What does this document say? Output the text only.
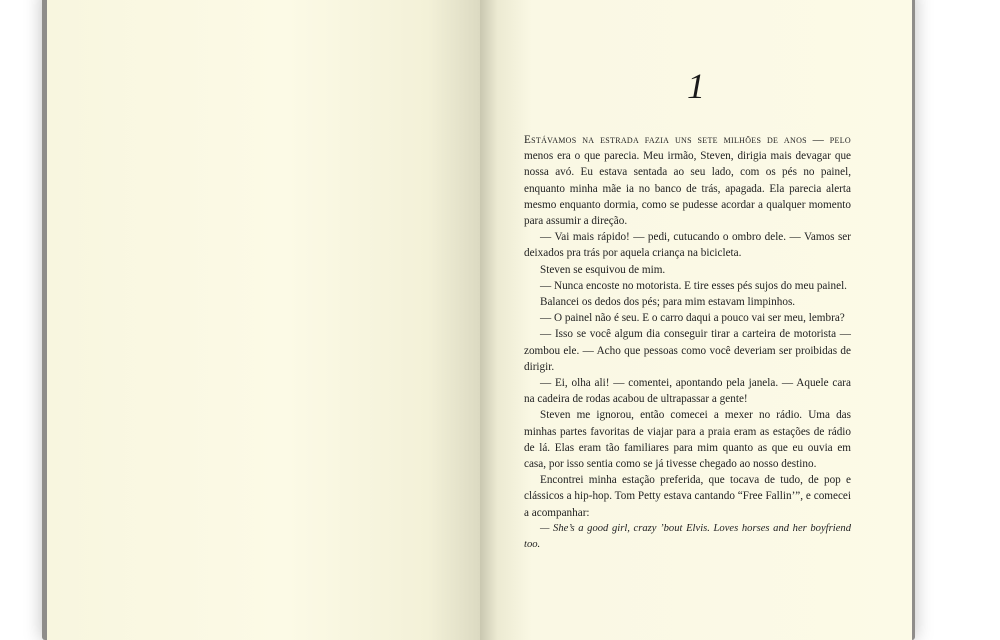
1

Estávamos na estrada fazia uns sete milhões de anos — pelo menos era o que parecia. Meu irmão, Steven, dirigia mais devagar que nossa avó. Eu estava sentada ao seu lado, com os pés no painel, enquanto minha mãe ia no banco de trás, apagada. Ela parecia alerta mesmo enquanto dormia, como se pudesse acordar a qualquer momento para assumir a direção.

— Vai mais rápido! — pedi, cutucando o ombro dele. — Vamos ser deixados pra trás por aquela criança na bicicleta.

Steven se esquivou de mim.

— Nunca encoste no motorista. E tire esses pés sujos do meu painel.

Balancei os dedos dos pés; para mim estavam limpinhos.

— O painel não é seu. E o carro daqui a pouco vai ser meu, lembra?

— Isso se você algum dia conseguir tirar a carteira de motorista — zombou ele. — Acho que pessoas como você deveriam ser proibidas de dirigir.

— Ei, olha ali! — comentei, apontando pela janela. — Aquele cara na cadeira de rodas acabou de ultrapassar a gente!

Steven me ignorou, então comecei a mexer no rádio. Uma das minhas partes favoritas de viajar para a praia eram as estações de rádio de lá. Elas eram tão familiares para mim quanto as que eu ouvia em casa, por isso sentia como se já tivesse chegado ao nosso destino.

Encontrei minha estação preferida, que tocava de tudo, de pop e clássicos a hip-hop. Tom Petty estava cantando “Free Fallin’”, e comecei a acompanhar:

— She’s a good girl, crazy ’bout Elvis. Loves horses and her boyfriend too.
